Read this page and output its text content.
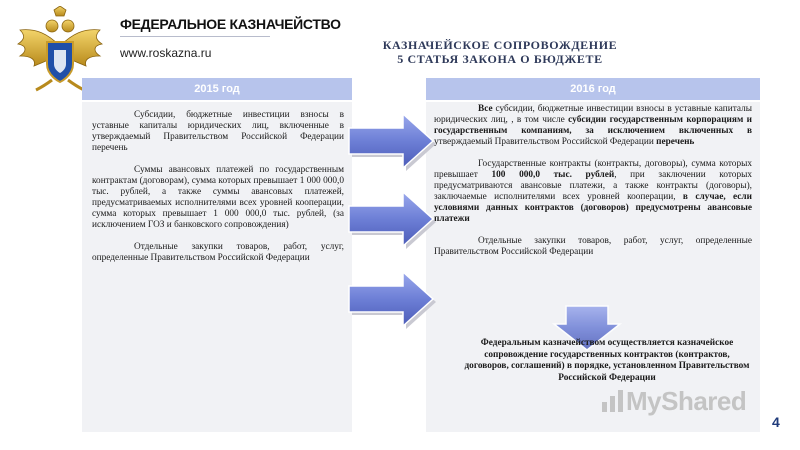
ФЕДЕРАЛЬНОЕ КАЗНАЧЕЙСТВО
www.roskazna.ru
КАЗНАЧЕЙСКОЕ СОПРОВОЖДЕНИЕ
5 СТАТЬЯ ЗАКОНА О БЮДЖЕТЕ
2015 год	2016 год

Субсидии, бюджетные инвестиции взносы в уставные капиталы юридических лиц, включенные в утверждаемый Правительством Российской Федерации перечень

Суммы авансовых платежей по государственным контрактам (договорам), сумма которых превышает 1 000 000,0 тыс. рублей, а также суммы авансовых платежей, предусматриваемых исполнителями всех уровней кооперации, сумма которых превышает 1 000 000,0 тыс. рублей, (за исключением ГОЗ и банковского сопровождения)

Отдельные закупки товаров, работ, услуг, определенные Правительством Российской Федерации

Все субсидии, бюджетные инвестиции взносы в уставные капиталы юридических лиц, , в том числе субсидии государственным корпорациям и государственным компаниям, за исключением включенных в утверждаемый Правительством Российской Федерации перечень

Государственные контракты (контракты, договоры), сумма которых превышает 100 000,0 тыс. рублей, при заключении которых предусматриваются авансовые платежи, а также контракты (договоры), заключаемые исполнителями всех уровней кооперации, в случае, если условиями данных контрактов (договоров) предусмотрены авансовые платежи

Отдельные закупки товаров, работ, услуг, определенные Правительством Российской Федерации

Федеральным казначейством осуществляется казначейское сопровождение государственных контрактов (контрактов, договоров, соглашений) в порядке, установленном Правительством Российской Федерации
MyShared
4
